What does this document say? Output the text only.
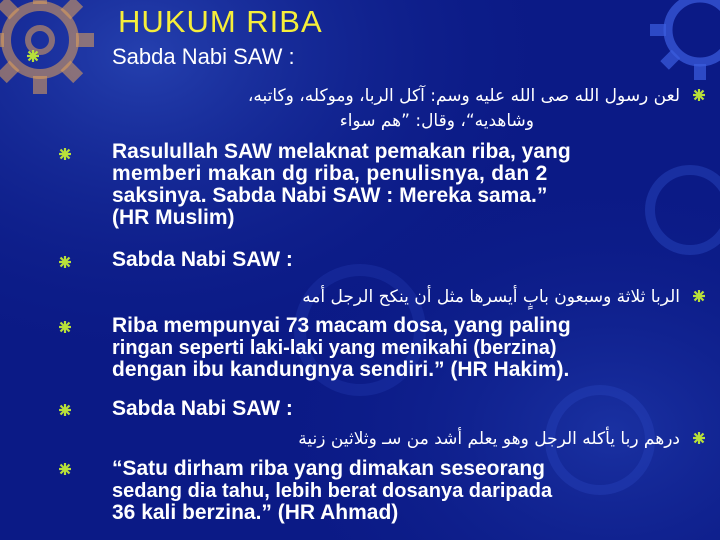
HUKUM RIBA
Sabda Nabi SAW :
لعن رسول الله صى الله عليه وسم: آكل الربا، وموكله، وكاتبه،
وشاهديه“، وقال: ”هم سواء
Rasulullah SAW melaknat pemakan riba, yang
memberi makan dg riba, penulisnya, dan 2
saksinya. Sabda Nabi SAW : Mereka sama.”
(HR Muslim)
Sabda Nabi SAW :
الربا ثلاثة وسبعون بابٍ أيسرها مثل أن ينكح الرجل أمه
Riba mempunyai 73 macam dosa, yang paling
ringan seperti laki-laki yang menikahi (berzina)
dengan ibu kandungnya sendiri.” (HR Hakim).
Sabda Nabi SAW :
درهم ربا يأكله الرجل وهو يعلم أشد من سـ وثلاثين زنية
“Satu dirham riba yang dimakan seseorang
sedang dia tahu, lebih berat dosanya daripada
36 kali berzina.” (HR Ahmad)
